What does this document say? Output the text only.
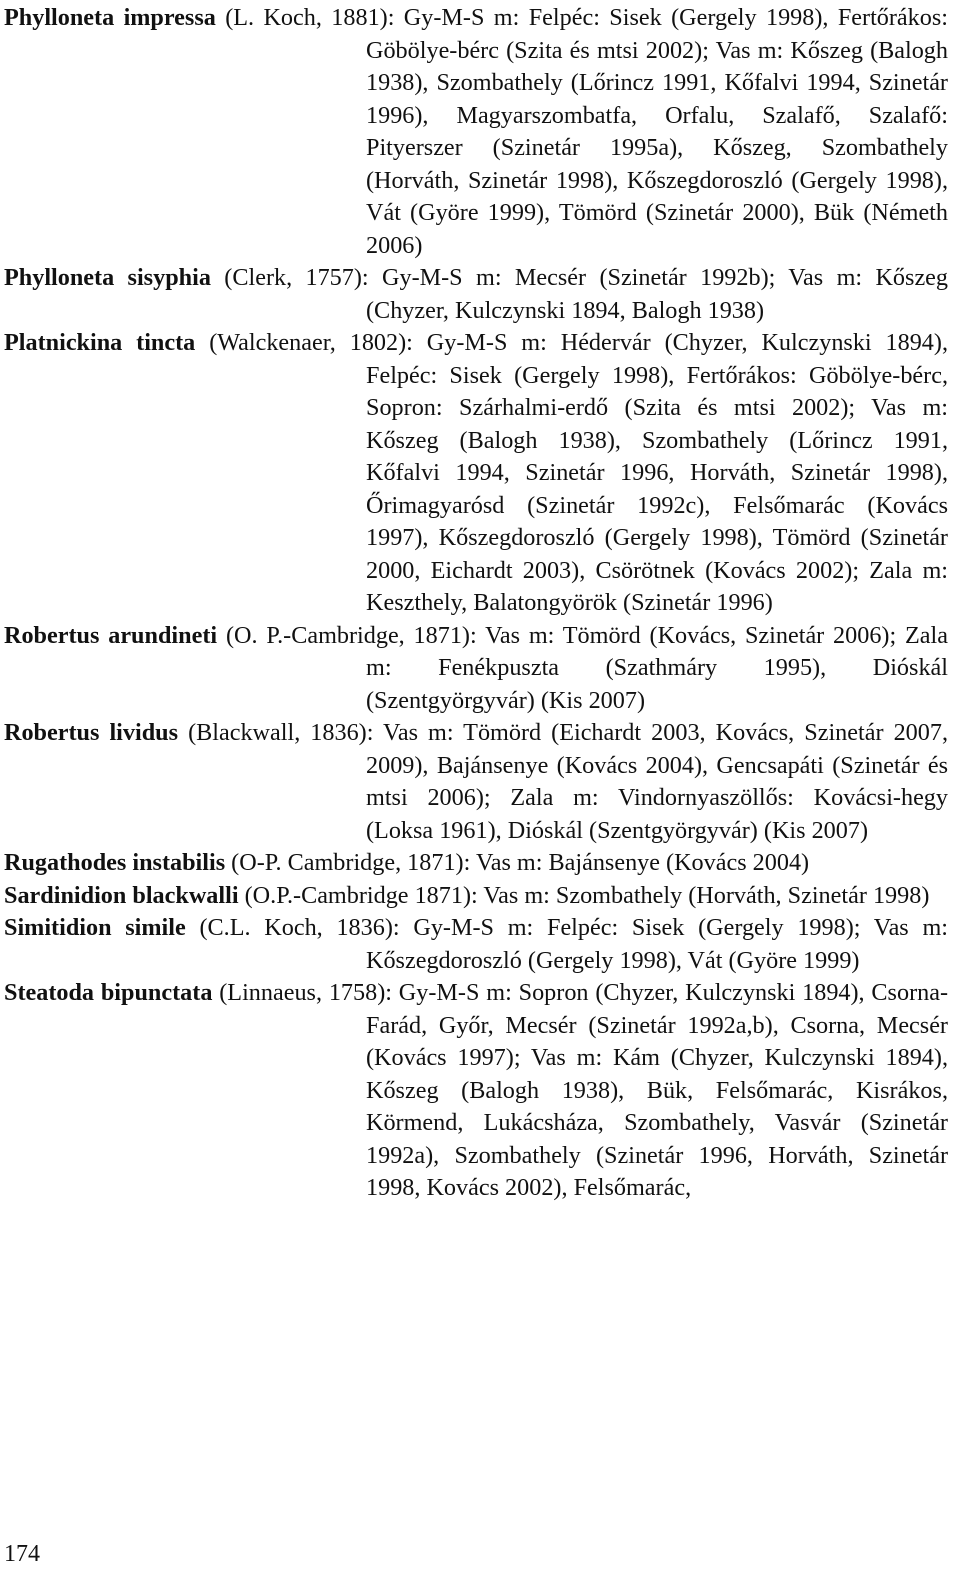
Phylloneta impressa (L. Koch, 1881): Gy-M-S m: Felpéc: Sisek (Gergely 1998), Fertőrákos: Göbölye-bérc (Szita és mtsi 2002); Vas m: Kőszeg (Balogh 1938), Szombathely (Lőrincz 1991, Kőfalvi 1994, Szinetár 1996), Magyarszombatfa, Orfalu, Szalafő, Szalafő: Pityerszer (Szinetár 1995a), Kőszeg, Szombathely (Horváth, Szinetár 1998), Kőszegdoroszló (Gergely 1998), Vát (Györe 1999), Tömörd (Szinetár 2000), Bük (Németh 2006)

Phylloneta sisyphia (Clerk, 1757): Gy-M-S m: Mecsér (Szinetár 1992b); Vas m: Kőszeg (Chyzer, Kulczynski 1894, Balogh 1938)

Platnickina tincta (Walckenaer, 1802): Gy-M-S m: Hédervár (Chyzer, Kulczynski 1894), Felpéc: Sisek (Gergely 1998), Fertőrákos: Göbölye-bérc, Sopron: Szárhalmi-erdő (Szita és mtsi 2002); Vas m: Kőszeg (Balogh 1938), Szombathely (Lőrincz 1991, Kőfalvi 1994, Szinetár 1996, Horváth, Szinetár 1998), Őrimagyarósd (Szinetár 1992c), Felsőmarác (Kovács 1997), Kőszegdoroszló (Gergely 1998), Tömörd (Szinetár 2000, Eichardt 2003), Csörötnek (Kovács 2002); Zala m: Keszthely, Balatongyörök (Szinetár 1996)

Robertus arundineti (O. P.-Cambridge, 1871): Vas m: Tömörd (Kovács, Szinetár 2006); Zala m: Fenékpuszta (Szathmáry 1995), Dióskál (Szentgyörgyvár) (Kis 2007)

Robertus lividus (Blackwall, 1836): Vas m: Tömörd (Eichardt 2003, Kovács, Szinetár 2007, 2009), Bajánsenye (Kovács 2004), Gencsapáti (Szinetár és mtsi 2006); Zala m: Vindornyaszöllős: Kovácsi-hegy (Loksa 1961), Dióskál (Szentgyörgyvár) (Kis 2007)

Rugathodes instabilis (O-P. Cambridge, 1871): Vas m: Bajánsenye (Kovács 2004)

Sardinidion blackwalli (O.P.-Cambridge 1871): Vas m: Szombathely (Horváth, Szinetár 1998)

Simitidion simile (C.L. Koch, 1836): Gy-M-S m: Felpéc: Sisek (Gergely 1998); Vas m: Kőszegdoroszló (Gergely 1998), Vát (Györe 1999)

Steatoda bipunctata (Linnaeus, 1758): Gy-M-S m: Sopron (Chyzer, Kulczynski 1894), Csorna-Farád, Győr, Mecsér (Szinetár 1992a,b), Csorna, Mecsér (Kovács 1997); Vas m: Kám (Chyzer, Kulczynski 1894), Kőszeg (Balogh 1938), Bük, Felsőmarác, Kisrákos, Körmend, Lukácsháza, Szombathely, Vasvár (Szinetár 1992a), Szombathely (Szinetár 1996, Horváth, Szinetár 1998, Kovács 2002), Felsőmarác,

174
